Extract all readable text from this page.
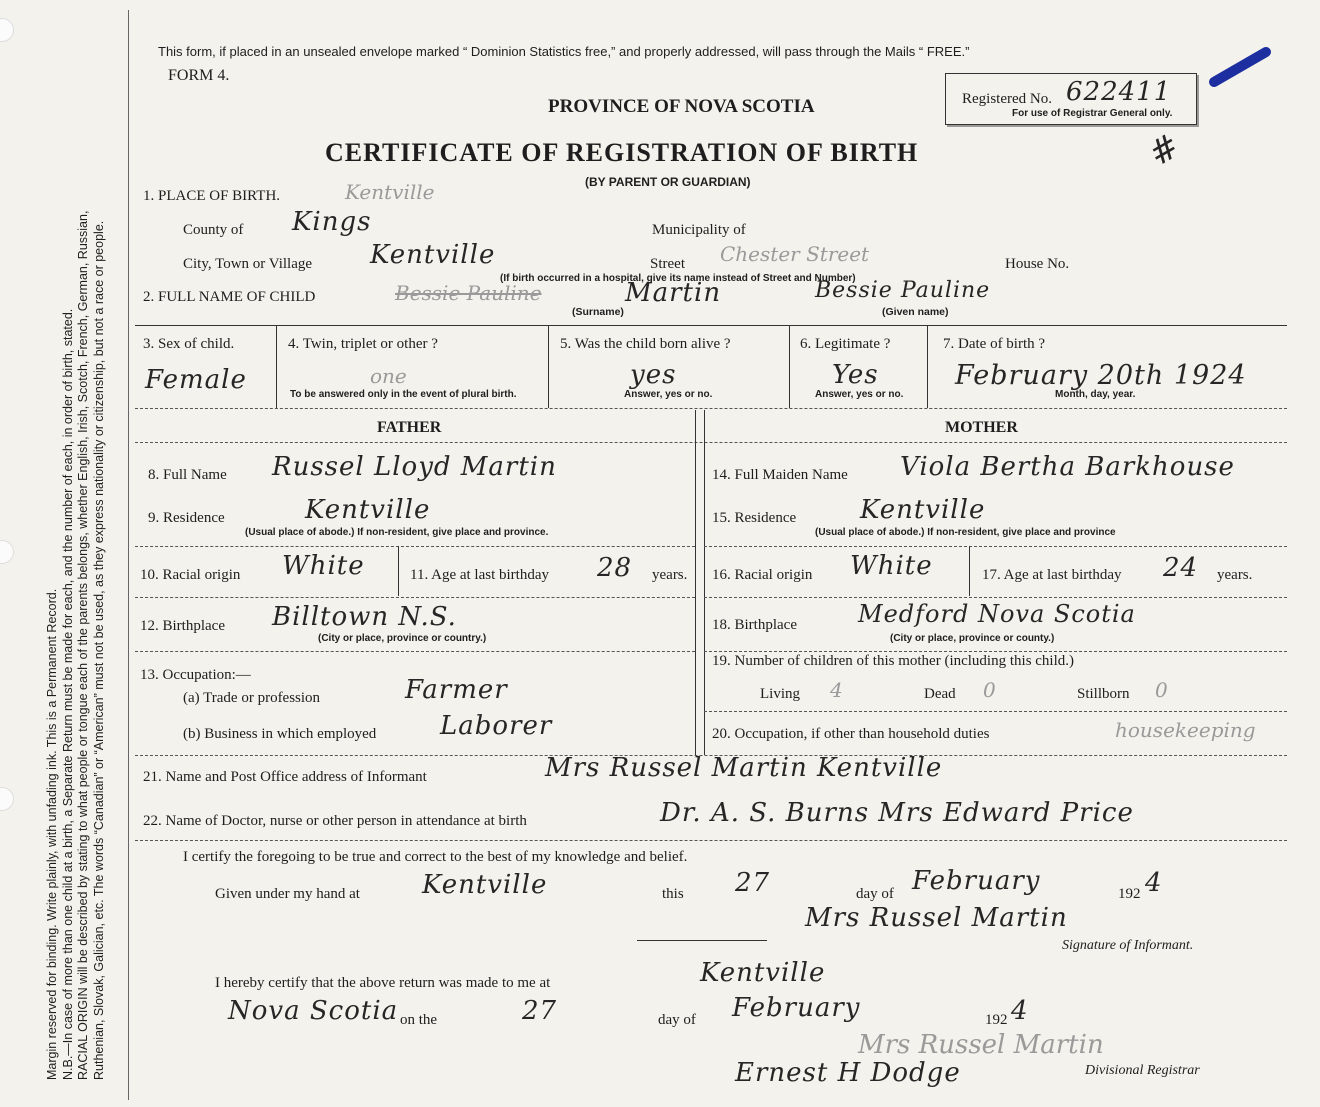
Margin reserved for binding. Write plainly, with unfading ink. This is a Permanent Record. N.B.—In case of more than one child at a birth, a Separate Return must be made for each, and the number of each, in order of birth, stated. RACIAL ORIGIN will be described by stating to what people or tongue each of the parents belongs, whether English, Irish, Scotch, French, German, Russian, Ruthenian, Slovak, Galician, etc. The words “Canadian” or “American” must not be used, as they express nationality or citizenship, but not a race or people.
This form, if placed in an unsealed envelope marked “ Dominion Statistics free,” and properly addressed, will pass through the Mails “ FREE.”
FORM 4.
PROVINCE OF NOVA SCOTIA
CERTIFICATE OF REGISTRATION OF BIRTH
(BY PARENT OR GUARDIAN)
Registered No. 622411
For use of Registrar General only.
#
1. PLACE OF BIRTH.	Kentville
County of Kings	Municipality of
City, Town or Village Kentville	Street Chester Street	House No.
(If birth occurred in a hospital, give its name instead of Street and Number)
2. FULL NAME OF CHILD	Bessie Pauline	Martin	Bessie Pauline
(Surname)	(Given name)
3. Sex of child.
Female
4. Twin, triplet or other ?
one
To be answered only in the event of plural birth.
5. Was the child born alive ?
yes
Answer, yes or no.
6. Legitimate ?
Yes
Answer, yes or no.
7. Date of birth ?
February 20th 1924
Month, day, year.
FATHER	MOTHER
8. Full Name Russel Lloyd Martin
9. Residence	Kentville
(Usual place of abode.) If non-resident, give place and province.
10. Racial origin White	11. Age at last birthday 28 years.
12. Birthplace Billtown N.S.
(City or place, province or country.)
13. Occupation:—
(a) Trade or profession	Farmer
(b) Business in which employed Laborer
14. Full Maiden Name Viola Bertha Barkhouse
15. Residence Kentville
(Usual place of abode.) If non-resident, give place and province
16. Racial origin White	17. Age at last birthday 24 years.
18. Birthplace	Medford Nova Scotia
(City or place, province or county.)
19. Number of children of this mother (including this child.)
Living 4	Dead 0	Stillborn 0
20. Occupation, if other than household duties	housekeeping
21. Name and Post Office address of Informant	Mrs Russel Martin Kentville
22. Name of Doctor, nurse or other person in attendance at birth	Dr. A. S. Burns Mrs Edward Price
I certify the foregoing to be true and correct to the best of my knowledge and belief.
Given under my hand at Kentville	this 27	day of February	192 4
Mrs Russel Martin
Signature of Informant.
I hereby certify that the above return was made to me at	Kentville
Nova Scotia on the	27	day of February	192 4
Mrs Russel Martin
Ernest H Dodge	Divisional Registrar
